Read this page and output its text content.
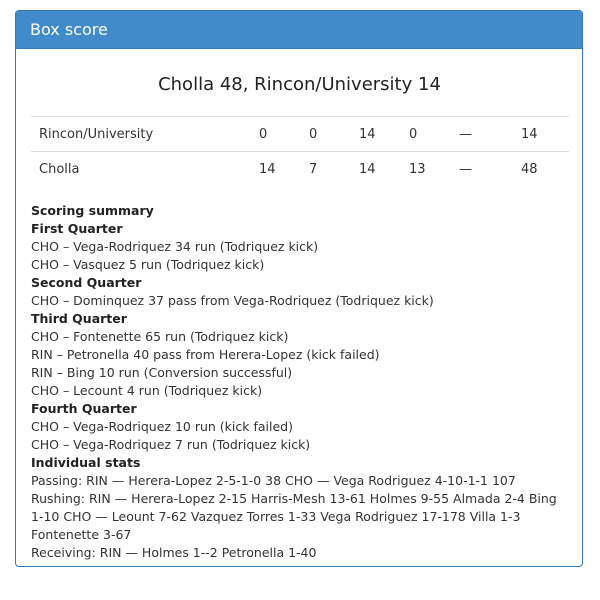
Box score
Cholla 48, Rincon/University 14
Rincon/University	0	0	14	0	—	14
Cholla	14	7	14	13	—	48
Scoring summary
First Quarter
CHO – Vega-Rodriquez 34 run (Todriquez kick)
CHO – Vasquez 5 run (Todriquez kick)
Second Quarter
CHO – Dominquez 37 pass from Vega-Rodriquez (Todriquez kick)
Third Quarter
CHO – Fontenette 65 run (Todriquez kick)
RIN – Petronella 40 pass from Herera-Lopez (kick failed)
RIN – Bing 10 run (Conversion successful)
CHO – Lecount 4 run (Todriquez kick)
Fourth Quarter
CHO – Vega-Rodriquez 10 run (kick failed)
CHO – Vega-Rodriquez 7 run (Todriquez kick)
Individual stats
Passing: RIN — Herera-Lopez 2-5-1-0 38 CHO — Vega Rodriguez 4-10-1-1 107
Rushing: RIN — Herera-Lopez 2-15 Harris-Mesh 13-61 Holmes 9-55 Almada 2-4 Bing 1-10 CHO — Leount 7-62 Vazquez Torres 1-33 Vega Rodriguez 17-178 Villa 1-3 Fontenette 3-67
Receiving: RIN — Holmes 1--2 Petronella 1-40
